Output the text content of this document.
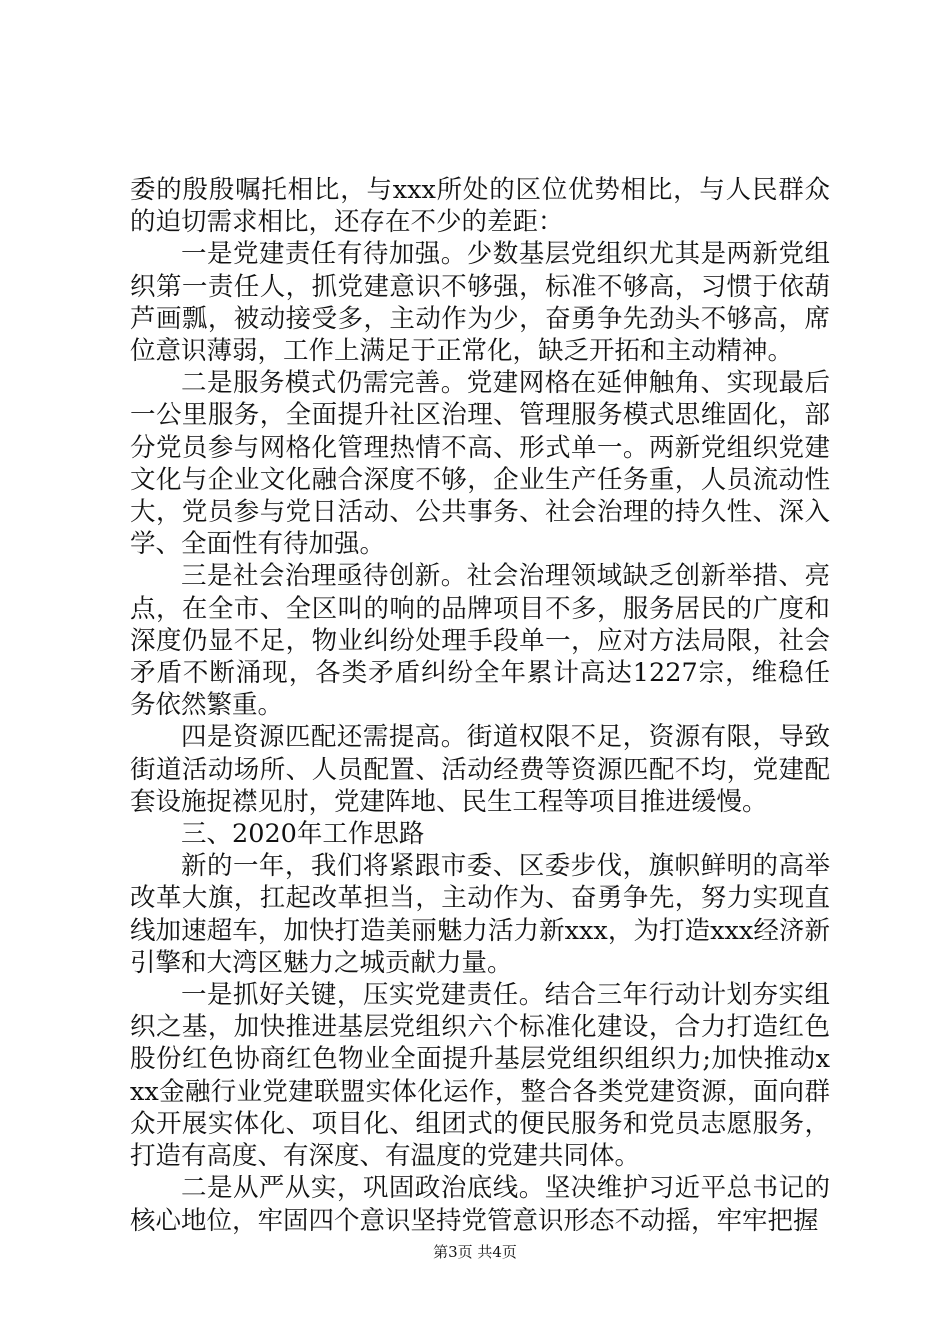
委的殷殷嘱托相比，与xxx所处的区位优势相比，与人民群众的迫切需求相比，还存在不少的差距：

一是党建责任有待加强。少数基层党组织尤其是两新党组织第一责任人，抓党建意识不够强，标准不够高，习惯于依葫芦画瓢，被动接受多，主动作为少，奋勇争先劲头不够高，席位意识薄弱，工作上满足于正常化，缺乏开拓和主动精神。

二是服务模式仍需完善。党建网格在延伸触角、实现最后一公里服务，全面提升社区治理、管理服务模式思维固化，部分党员参与网格化管理热情不高、形式单一。两新党组织党建文化与企业文化融合深度不够，企业生产任务重，人员流动性大，党员参与党日活动、公共事务、社会治理的持久性、深入学、全面性有待加强。

三是社会治理亟待创新。社会治理领域缺乏创新举措、亮点，在全市、全区叫的响的品牌项目不多，服务居民的广度和深度仍显不足，物业纠纷处理手段单一，应对方法局限，社会矛盾不断涌现，各类矛盾纠纷全年累计高达1227宗，维稳任务依然繁重。

四是资源匹配还需提高。街道权限不足，资源有限，导致街道活动场所、人员配置、活动经费等资源匹配不均，党建配套设施捉襟见肘，党建阵地、民生工程等项目推进缓慢。

三、2020年工作思路

新的一年，我们将紧跟市委、区委步伐，旗帜鲜明的高举改革大旗，扛起改革担当，主动作为、奋勇争先，努力实现直线加速超车，加快打造美丽魅力活力新xxx，为打造xxx经济新引擎和大湾区魅力之城贡献力量。

一是抓好关键，压实党建责任。结合三年行动计划夯实组织之基，加快推进基层党组织六个标准化建设，合力打造红色股份红色协商红色物业全面提升基层党组织组织力;加快推动xxx金融行业党建联盟实体化运作，整合各类党建资源，面向群众开展实体化、项目化、组团式的便民服务和党员志愿服务，打造有高度、有深度、有温度的党建共同体。

二是从严从实，巩固政治底线。坚决维护习近平总书记的核心地位，牢固四个意识坚持党管意识形态不动摇，牢牢把握

第3页 共4页
